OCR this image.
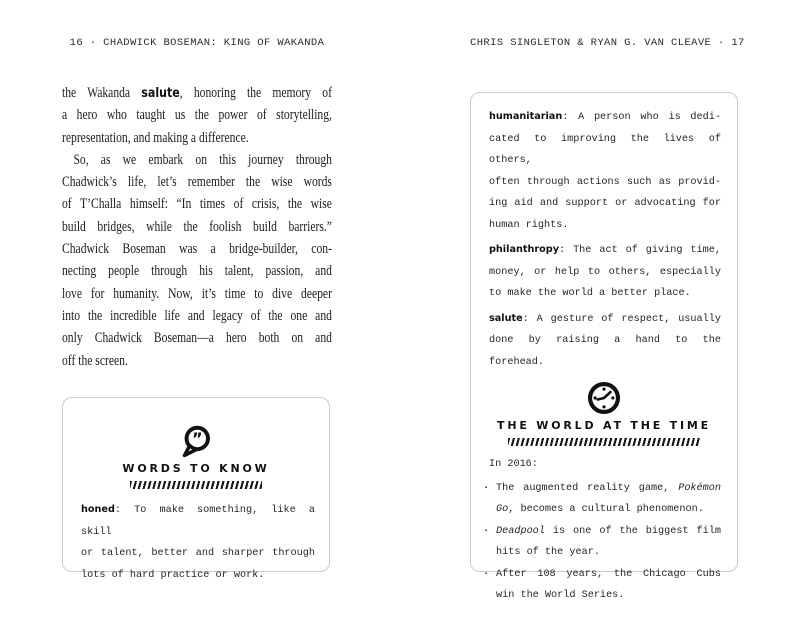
16 · CHADWICK BOSEMAN: KING OF WAKANDA	CHRIS SINGLETON & RYAN G. VAN CLEAVE · 17
the Wakanda salute, honoring the memory of
a hero who taught us the power of storytelling,
representation, and making a difference.
So, as we embark on this journey through
Chadwick’s life, let’s remember the wise words
of T’Challa himself: “In times of crisis, the wise
build bridges, while the foolish build barriers.”
Chadwick Boseman was a bridge-builder, con-
necting people through his talent, passion, and
love for humanity. Now, it’s time to dive deeper
into the incredible life and legacy of the one and
only Chadwick Boseman—a hero both on and
off the screen.
”
WORDS TO KNOW
honed: To make something, like a skill
or talent, better and sharper through
lots of hard practice or work.
humanitarian: A person who is dedi-
cated to improving the lives of others,
often through actions such as provid-
ing aid and support or advocating for
human rights.
philanthropy: The act of giving time,
money, or help to others, especially
to make the world a better place.
salute: A gesture of respect, usually
done by raising a hand to the forehead.
THE WORLD AT THE TIME
In 2016:
· The augmented reality game, Pokémon
Go, becomes a cultural phenomenon.
· Deadpool is one of the biggest film
hits of the year.
· After 108 years, the Chicago Cubs
win the World Series.
